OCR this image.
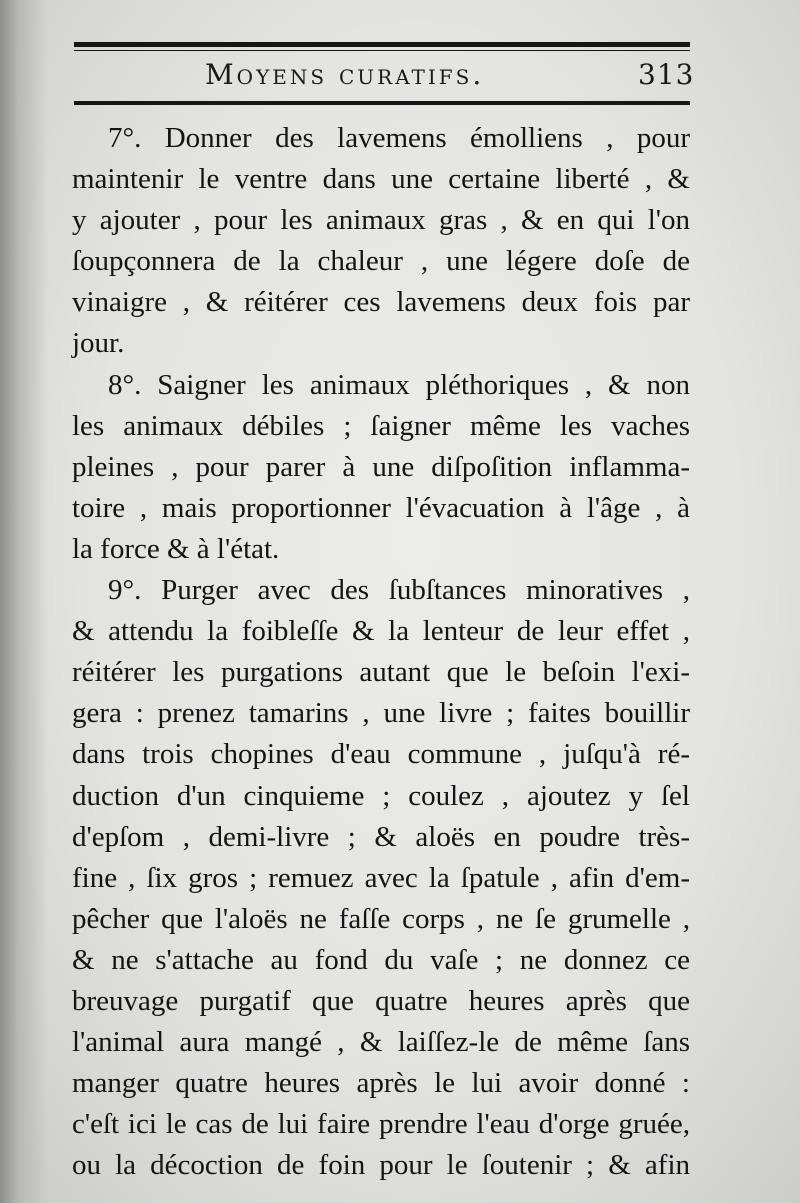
Moyens curatifs.	313
7°. Donner des lavemens émolliens , pour
maintenir le ventre dans une certaine liberté , &
y ajouter , pour les animaux gras , & en qui l'on
ſoupçonnera de la chaleur , une légere doſe de
vinaigre , & réitérer ces lavemens deux fois par
jour.
8°. Saigner les animaux pléthoriques , & non
les animaux débiles ; ſaigner même les vaches
pleines , pour parer à une diſpoſition inflamma-
toire , mais proportionner l'évacuation à l'âge , à
la force & à l'état.
9°. Purger avec des ſubſtances minoratives ,
& attendu la foibleſſe & la lenteur de leur effet ,
réitérer les purgations autant que le beſoin l'exi-
gera : prenez tamarins , une livre ; faites bouillir
dans trois chopines d'eau commune , juſqu'à ré-
duction d'un cinquieme ; coulez , ajoutez y ſel
d'epſom , demi-livre ; & aloës en poudre très-
fine , ſix gros ; remuez avec la ſpatule , afin d'em-
pêcher que l'aloës ne faſſe corps , ne ſe grumelle ,
& ne s'attache au fond du vaſe ; ne donnez ce
breuvage purgatif que quatre heures après que
l'animal aura mangé , & laiſſez-le de même ſans
manger quatre heures après le lui avoir donné :
c'eſt ici le cas de lui faire prendre l'eau d'orge gruée,
ou la décoction de foin pour le ſoutenir ; & afin
